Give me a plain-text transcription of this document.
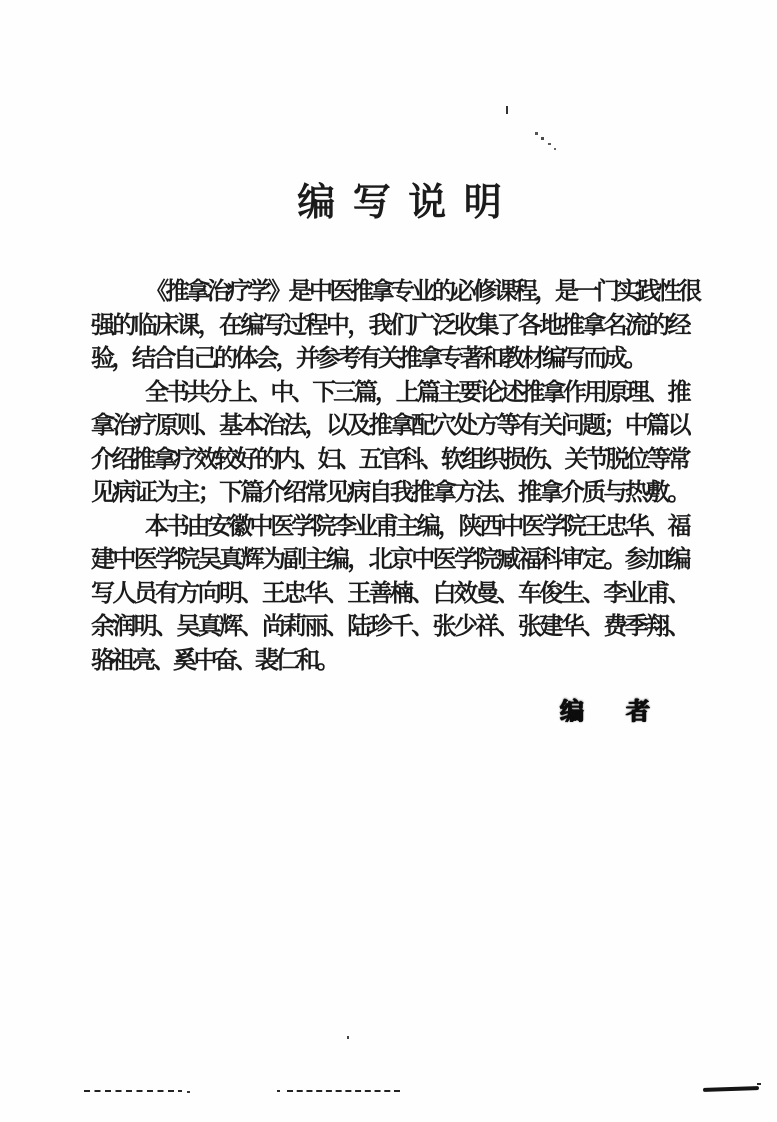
编 写 说 明

《推拿治疗学》是中医推拿专业的必修课程，是一门实践性很
强的临床课，在编写过程中，我们广泛收集了各地推拿名流的经
验，结合自己的体会，并参考有关推拿专著和教材编写而成。

全书共分上、中、下三篇，上篇主要论述推拿作用原理、推
拿治疗原则、基本治法，以及推拿配穴处方等有关问题；中篇以
介绍推拿疗效较好的内、妇、五官科、软组织损伤、关节脱位等常
见病证为主；下篇介绍常见病自我推拿方法、推拿介质与热敷。

本书由安徽中医学院李业甫主编，陕西中医学院王忠华、福
建中医学院吴真辉为副主编，北京中医学院臧福科审定。参加编
写人员有方向明、王忠华、王善楠、白效曼、车俊生、李业甫、
余润明、吴真辉、尚莉丽、陆珍千、张少祥、张建华、费季翔、
骆祖亮、奚中奋、裴仁和。

编　者
